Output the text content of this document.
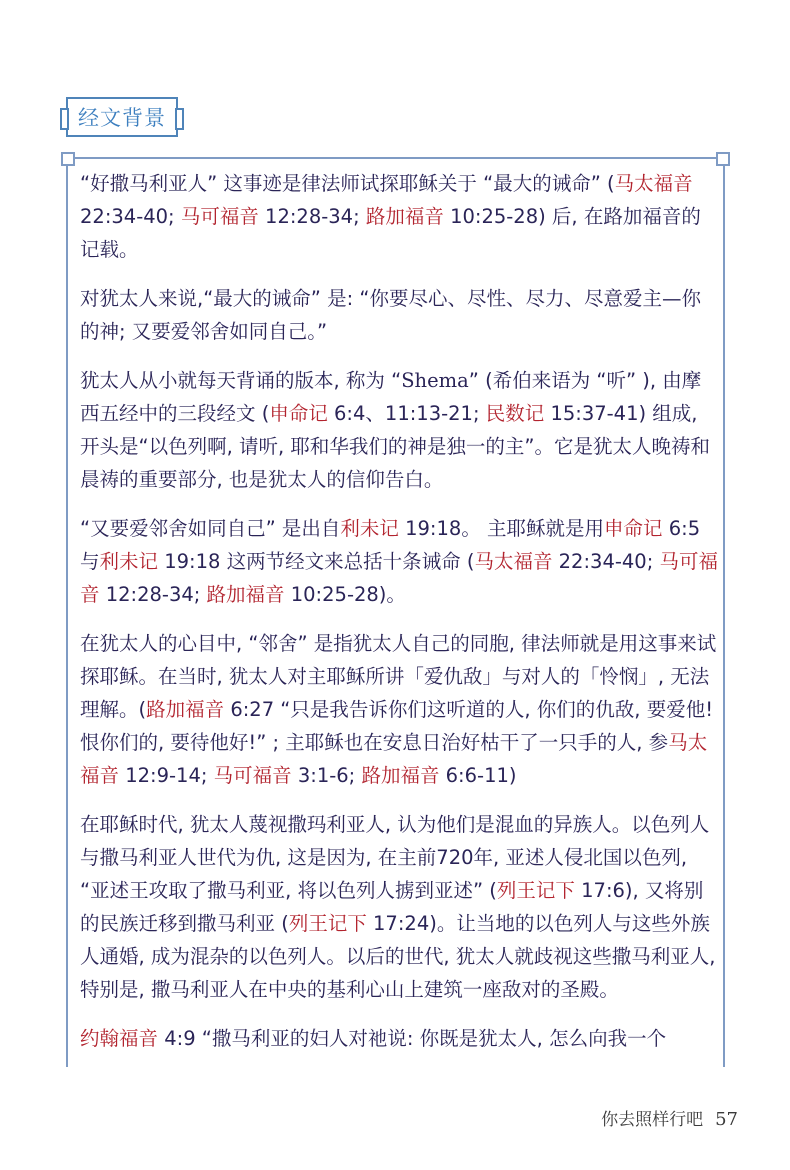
经文背景

“好撒马利亚人” 这事迹是律法师试探耶稣关于 “最大的诫命” (马太福音 22:34-40; 马可福音 12:28-34; 路加福音 10:25-28) 后, 在路加福音的记载。

对犹太人来说,“最大的诫命” 是: “你要尽心、尽性、尽力、尽意爱主—你的神; 又要爱邻舍如同自己。”

犹太人从小就每天背诵的版本, 称为 “Shema” (希伯来语为 “听” ), 由摩西五经中的三段经文 (申命记 6:4、11:13-21; 民数记 15:37-41) 组成, 开头是“以色列啊, 请听, 耶和华我们的神是独一的主”。它是犹太人晚祷和晨祷的重要部分, 也是犹太人的信仰告白。

“又要爱邻舍如同自己” 是出自利未记 19:18。 主耶稣就是用申命记 6:5 与利未记 19:18 这两节经文来总括十条诫命 (马太福音 22:34-40; 马可福音 12:28-34; 路加福音 10:25-28)。

在犹太人的心目中, “邻舍” 是指犹太人自己的同胞, 律法师就是用这事来试探耶稣。在当时, 犹太人对主耶稣所讲「爱仇敌」与对人的「怜悯」, 无法理解。(路加福音 6:27 “只是我告诉你们这听道的人, 你们的仇敌, 要爱他! 恨你们的, 要待他好!” ; 主耶稣也在安息日治好枯干了一只手的人, 参马太福音 12:9-14; 马可福音 3:1-6; 路加福音 6:6-11)

在耶稣时代, 犹太人蔑视撒玛利亚人, 认为他们是混血的异族人。以色列人与撒马利亚人世代为仇, 这是因为, 在主前720年, 亚述人侵北国以色列, “亚述王攻取了撒马利亚, 将以色列人掳到亚述” (列王记下 17:6), 又将别的民族迁移到撒马利亚 (列王记下 17:24)。让当地的以色列人与这些外族人通婚, 成为混杂的以色列人。以后的世代, 犹太人就歧视这些撒马利亚人, 特别是, 撒马利亚人在中央的基利心山上建筑一座敌对的圣殿。

约翰福音 4:9 “撒马利亚的妇人对祂说: 你既是犹太人, 怎么向我一个

你去照样行吧 57
